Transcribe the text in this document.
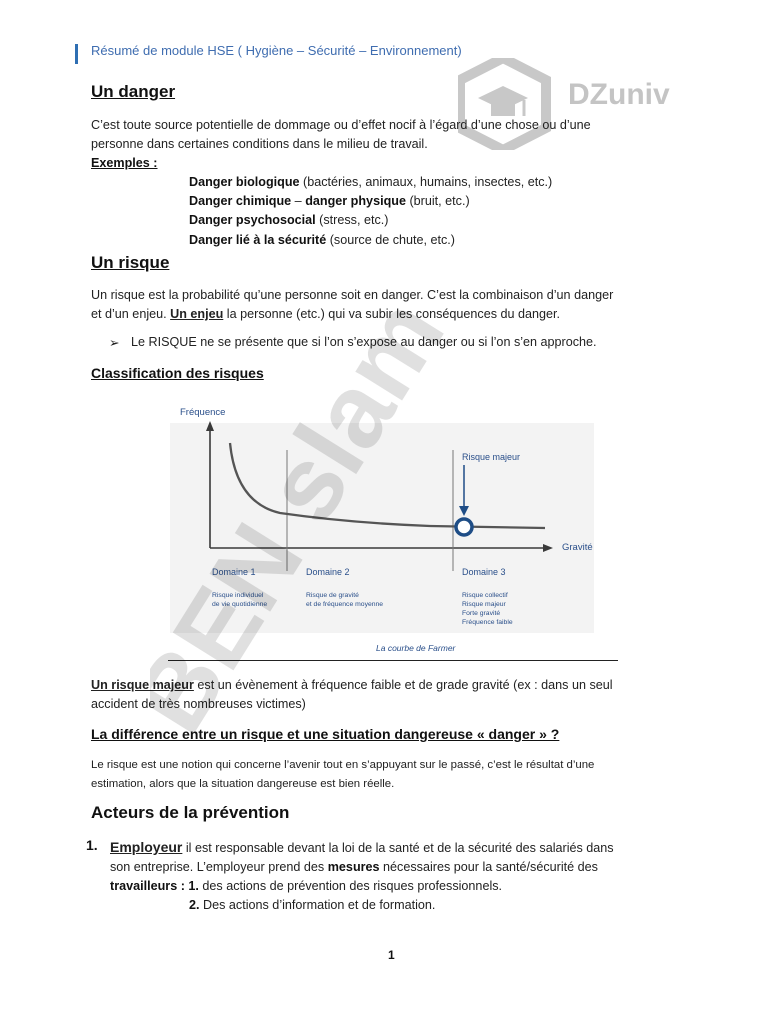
Résumé de module HSE ( Hygiène – Sécurité – Environnement)
DZuniv
Un danger
C’est toute source potentielle de dommage ou d’effet nocif à l’égard d’une chose ou d’une
personne dans certaines conditions dans le milieu de travail.
Exemples :
Danger biologique (bactéries, animaux, humains, insectes, etc.)
Danger chimique – danger physique (bruit, etc.)
Danger psychosocial (stress, etc.)
Danger lié à la sécurité (source de chute, etc.)
Un risque
Un risque est la probabilité qu’une personne soit en danger. C’est la combinaison d’un danger
et d’un enjeu. Un enjeu la personne (etc.) qui va subir les conséquences du danger.
➢ Le RISQUE ne se présente que si l’on s’expose au danger ou si l’on s’en approche.
Classification des risques
Fréquence
Gravité
Risque majeur
Domaine 1
Risque individuel
de vie quotidienne
Domaine 2
Risque de gravité
et de fréquence moyenne
Domaine 3
Risque collectif
Risque majeur
Forte gravité
Fréquence faible
La courbe de Farmer
Un risque majeur est un évènement à fréquence faible et de grade gravité (ex : dans un seul
accident de très nombreuses victimes)
La différence entre un risque et une situation dangereuse « danger » ?
Le risque est une notion qui concerne l’avenir tout en s’appuyant sur le passé, c’est le résultat d’une
estimation, alors que la situation dangereuse est bien réelle.
Acteurs de la prévention
1. Employeur il est responsable devant la loi de la santé et de la sécurité des salariés dans
son entreprise. L’employeur prend des mesures nécessaires pour la santé/sécurité des
travailleurs : 1. des actions de prévention des risques professionnels.
2. Des actions d’information et de formation.
1
slam
